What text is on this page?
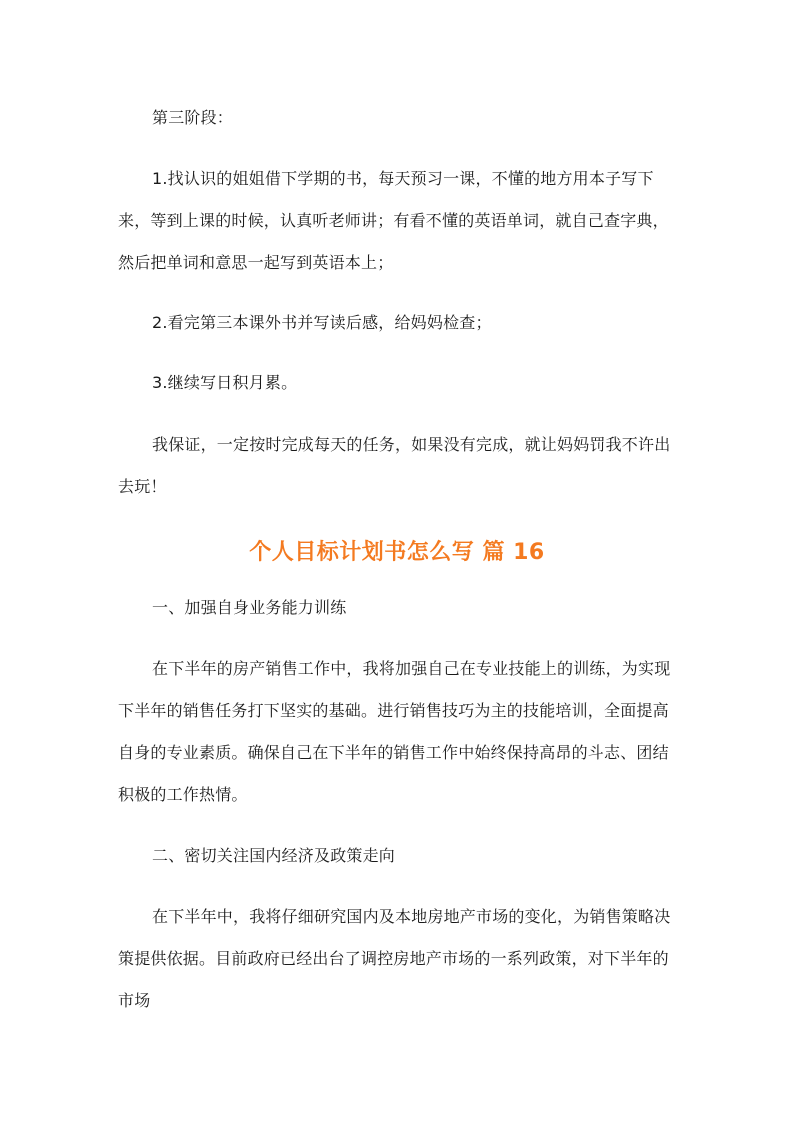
第三阶段：

1.找认识的姐姐借下学期的书，每天预习一课，不懂的地方用本子写下来，等到上课的时候，认真听老师讲；有看不懂的英语单词，就自己查字典，然后把单词和意思一起写到英语本上；

2.看完第三本课外书并写读后感，给妈妈检查；

3.继续写日积月累。

我保证，一定按时完成每天的任务，如果没有完成，就让妈妈罚我不许出去玩！

个人目标计划书怎么写 篇 16

一、加强自身业务能力训练

在下半年的房产销售工作中，我将加强自己在专业技能上的训练，为实现下半年的销售任务打下坚实的基础。进行销售技巧为主的技能培训，全面提高自身的专业素质。确保自己在下半年的销售工作中始终保持高昂的斗志、团结积极的工作热情。

二、密切关注国内经济及政策走向

在下半年中，我将仔细研究国内及本地房地产市场的变化，为销售策略决策提供依据。目前政府已经出台了调控房地产市场的一系列政策，对下半年的市场
